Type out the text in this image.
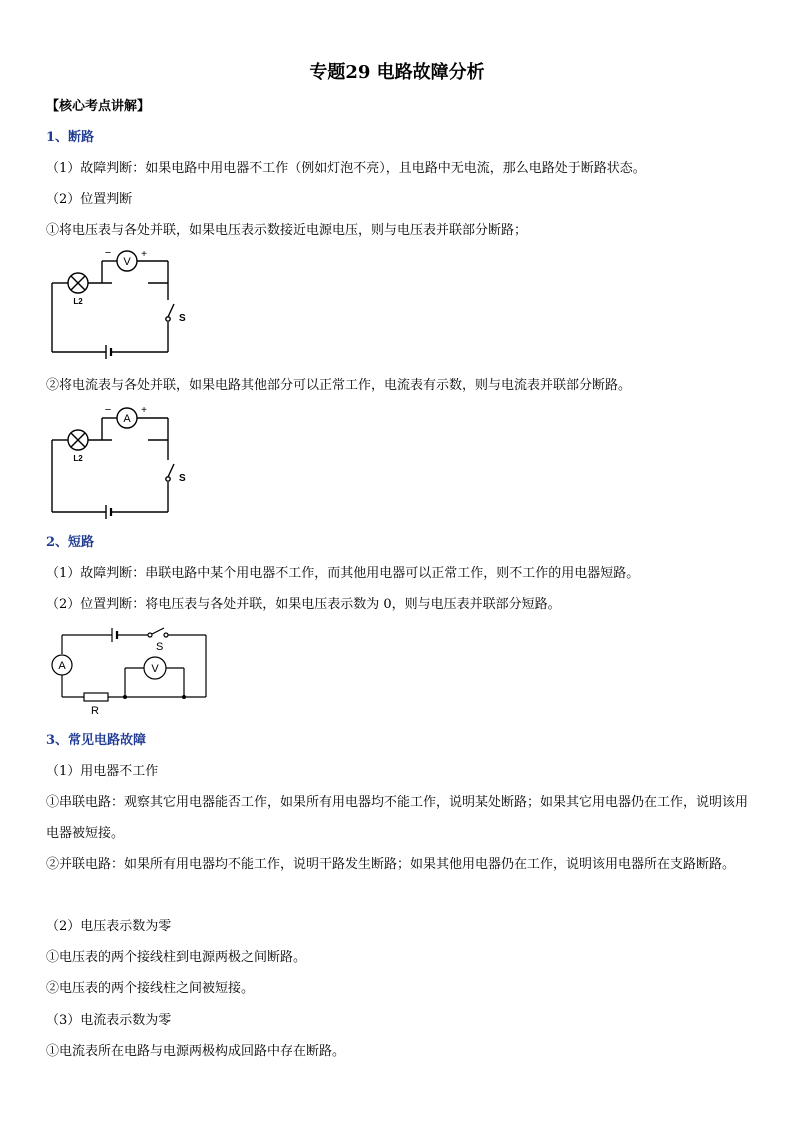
专题29 电路故障分析
【核心考点讲解】
1、断路
（1）故障判断：如果电路中用电器不工作（例如灯泡不亮），且电路中无电流，那么电路处于断路状态。
（2）位置判断
①将电压表与各处并联，如果电压表示数接近电源电压，则与电压表并联部分断路；
V
−	+
L2
S
②将电流表与各处并联，如果电路其他部分可以正常工作，电流表有示数，则与电流表并联部分断路。
A
−	+
L2
S
2、短路
（1）故障判断：串联电路中某个用电器不工作，而其他用电器可以正常工作，则不工作的用电器短路。
（2）位置判断：将电压表与各处并联，如果电压表示数为 0，则与电压表并联部分短路。
A	V
S
R
3、常见电路故障
（1）用电器不工作
①串联电路：观察其它用电器能否工作，如果所有用电器均不能工作，说明某处断路；如果其它用电器仍在工作，说明该用电器被短接。
②并联电路：如果所有用电器均不能工作，说明干路发生断路；如果其他用电器仍在工作，说明该用电器所在支路断路。
（2）电压表示数为零
①电压表的两个接线柱到电源两极之间断路。
②电压表的两个接线柱之间被短接。
（3）电流表示数为零
①电流表所在电路与电源两极构成回路中存在断路。
